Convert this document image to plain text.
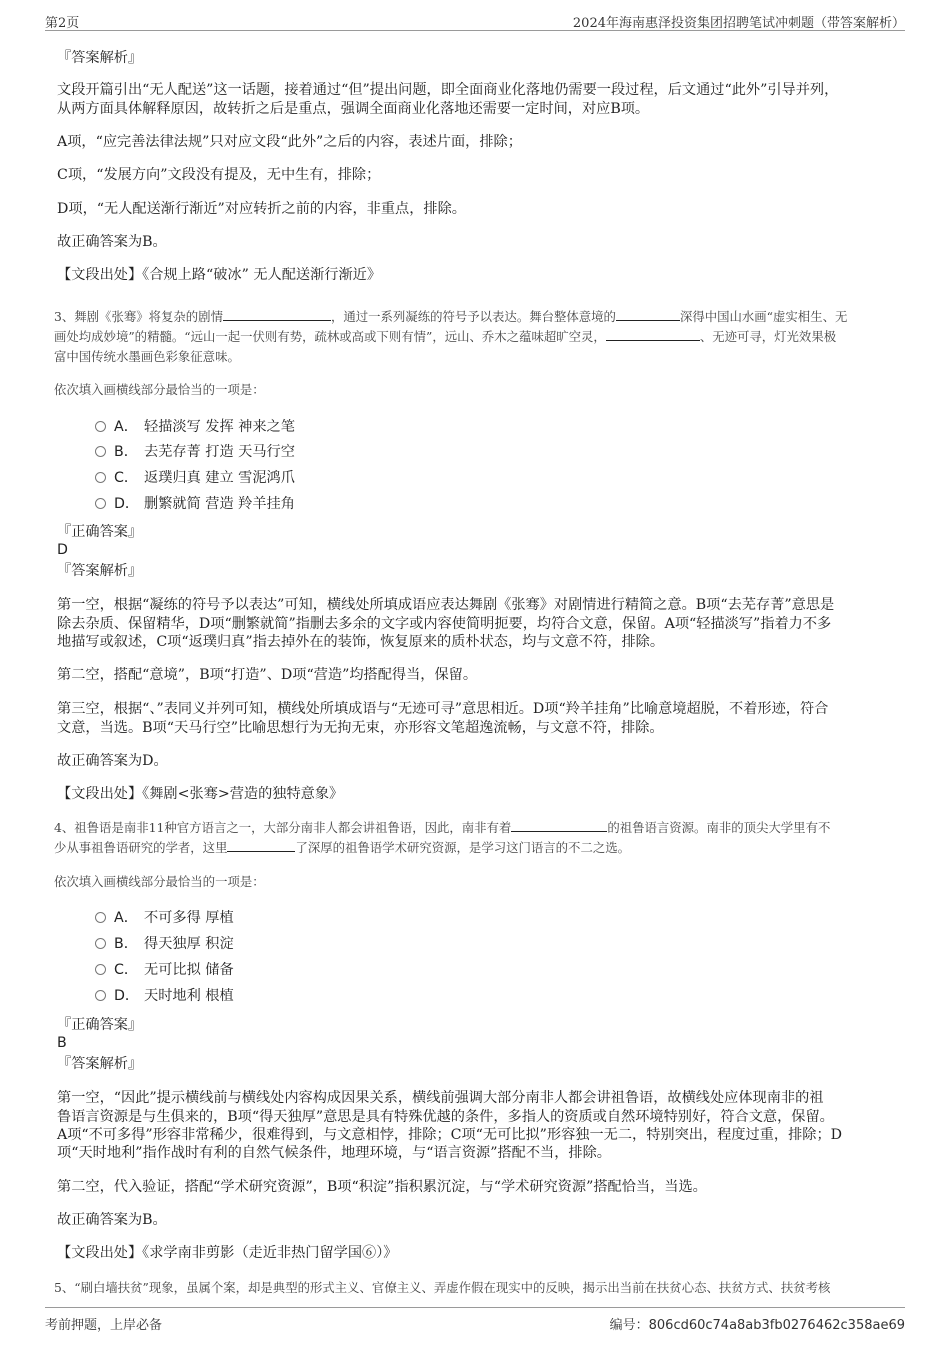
第2页	2024年海南惠泽投资集团招聘笔试冲刺题（带答案解析）

『答案解析』

文段开篇引出“无人配送”这一话题，接着通过“但”提出问题，即全面商业化落地仍需要一段过程，后文通过“此外”引导并列，

从两方面具体解释原因，故转折之后是重点，强调全面商业化落地还需要一定时间，对应B项。

A项，“应完善法律法规”只对应文段“此外”之后的内容，表述片面，排除；

C项，“发展方向”文段没有提及，无中生有，排除；

D项，“无人配送渐行渐近”对应转折之前的内容，非重点，排除。

故正确答案为B。

【文段出处】《合规上路“破冰” 无人配送渐行渐近》

3、舞剧《张骞》将复杂的剧情	，通过一系列凝练的符号予以表达。舞台整体意境的	深得中国山水画“虚实相生、无
画处均成妙境”的精髓。“远山一起一伏则有势，疏林或高或下则有情”，远山、乔木之蕴味超旷空灵，	、无迹可寻，灯光效果极
富中国传统水墨画色彩象征意味。

依次填入画横线部分最恰当的一项是：

A． 轻描淡写 发挥 神来之笔
B． 去芜存菁 打造 天马行空
C． 返璞归真 建立 雪泥鸿爪
D． 删繁就简 营造 羚羊挂角

『正确答案』

D

『答案解析』

第一空，根据“凝练的符号予以表达”可知，横线处所填成语应表达舞剧《张骞》对剧情进行精简之意。B项“去芜存菁”意思是

除去杂质、保留精华，D项“删繁就简”指删去多余的文字或内容使简明扼要，均符合文意，保留。A项“轻描淡写”指着力不多

地描写或叙述，C项“返璞归真”指去掉外在的装饰，恢复原来的质朴状态，均与文意不符，排除。

第二空，搭配“意境”，B项“打造”、D项“营造”均搭配得当，保留。

第三空，根据“、”表同义并列可知，横线处所填成语与“无迹可寻”意思相近。D项“羚羊挂角”比喻意境超脱，不着形迹，符合

文意，当选。B项“天马行空”比喻思想行为无拘无束，亦形容文笔超逸流畅，与文意不符，排除。

故正确答案为D。

【文段出处】《舞剧<张骞>营造的独特意象》

4、祖鲁语是南非11种官方语言之一，大部分南非人都会讲祖鲁语，因此，南非有着	的祖鲁语言资源。南非的顶尖大学里有不
少从事祖鲁语研究的学者，这里	了深厚的祖鲁语学术研究资源，是学习这门语言的不二之选。

依次填入画横线部分最恰当的一项是：

A． 不可多得 厚植
B． 得天独厚 积淀
C． 无可比拟 储备
D． 天时地利 根植

『正确答案』

B

『答案解析』

第一空，“因此”提示横线前与横线处内容构成因果关系，横线前强调大部分南非人都会讲祖鲁语，故横线处应体现南非的祖

鲁语言资源是与生俱来的，B项“得天独厚”意思是具有特殊优越的条件，多指人的资质或自然环境特别好，符合文意，保留。

A项“不可多得”形容非常稀少，很难得到，与文意相悖，排除；C项“无可比拟”形容独一无二，特别突出，程度过重，排除；D

项“天时地利”指作战时有利的自然气候条件，地理环境，与“语言资源”搭配不当，排除。

第二空，代入验证，搭配“学术研究资源”，B项“积淀”指积累沉淀，与“学术研究资源”搭配恰当，当选。

故正确答案为B。

【文段出处】《求学南非剪影（走近非热门留学国⑥）》

5、“刷白墙扶贫”现象，虽属个案，却是典型的形式主义、官僚主义、弄虚作假在现实中的反映，揭示出当前在扶贫心态、扶贫方式、扶贫考核

考前押题，上岸必备	编号：806cd60c74a8ab3fb0276462c358ae69
